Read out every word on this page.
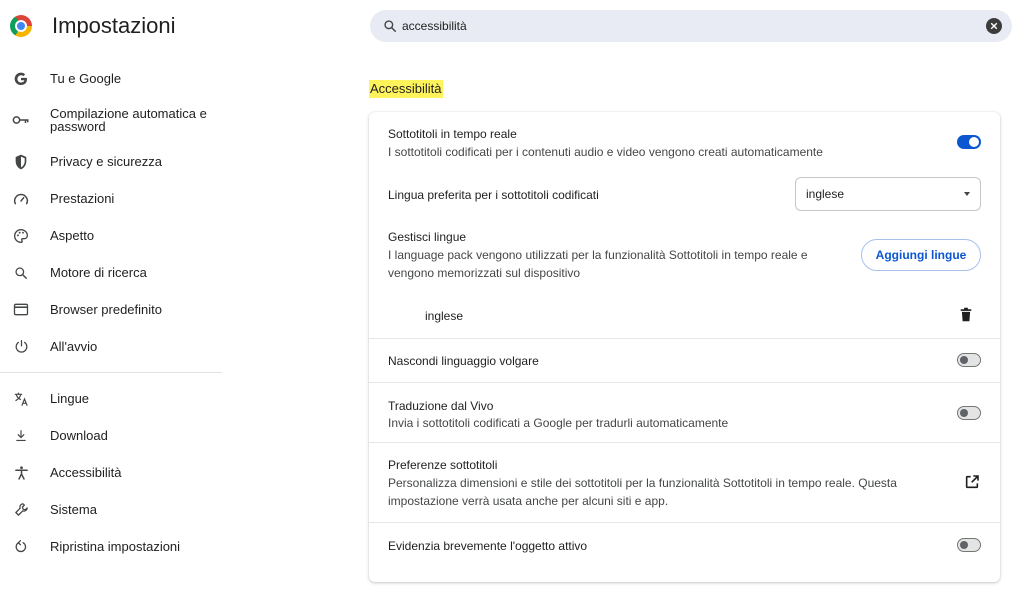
Impostazioni
accessibilità
Tu e Google
Compilazione automatica e password
Privacy e sicurezza
Prestazioni
Aspetto
Motore di ricerca
Browser predefinito
All'avvio
Lingue
Download
Accessibilità
Sistema
Ripristina impostazioni
Accessibilità
Sottotitoli in tempo reale
I sottotitoli codificati per i contenuti audio e video vengono creati automaticamente
Lingua preferita per i sottotitoli codificati	inglese
Gestisci lingue
I language pack vengono utilizzati per la funzionalità Sottotitoli in tempo reale e
vengono memorizzati sul dispositivo
Aggiungi lingue
inglese
Nascondi linguaggio volgare
Traduzione dal Vivo
Invia i sottotitoli codificati a Google per tradurli automaticamente
Preferenze sottotitoli
Personalizza dimensioni e stile dei sottotitoli per la funzionalità Sottotitoli in tempo reale. Questa
impostazione verrà usata anche per alcuni siti e app.
Evidenzia brevemente l'oggetto attivo
